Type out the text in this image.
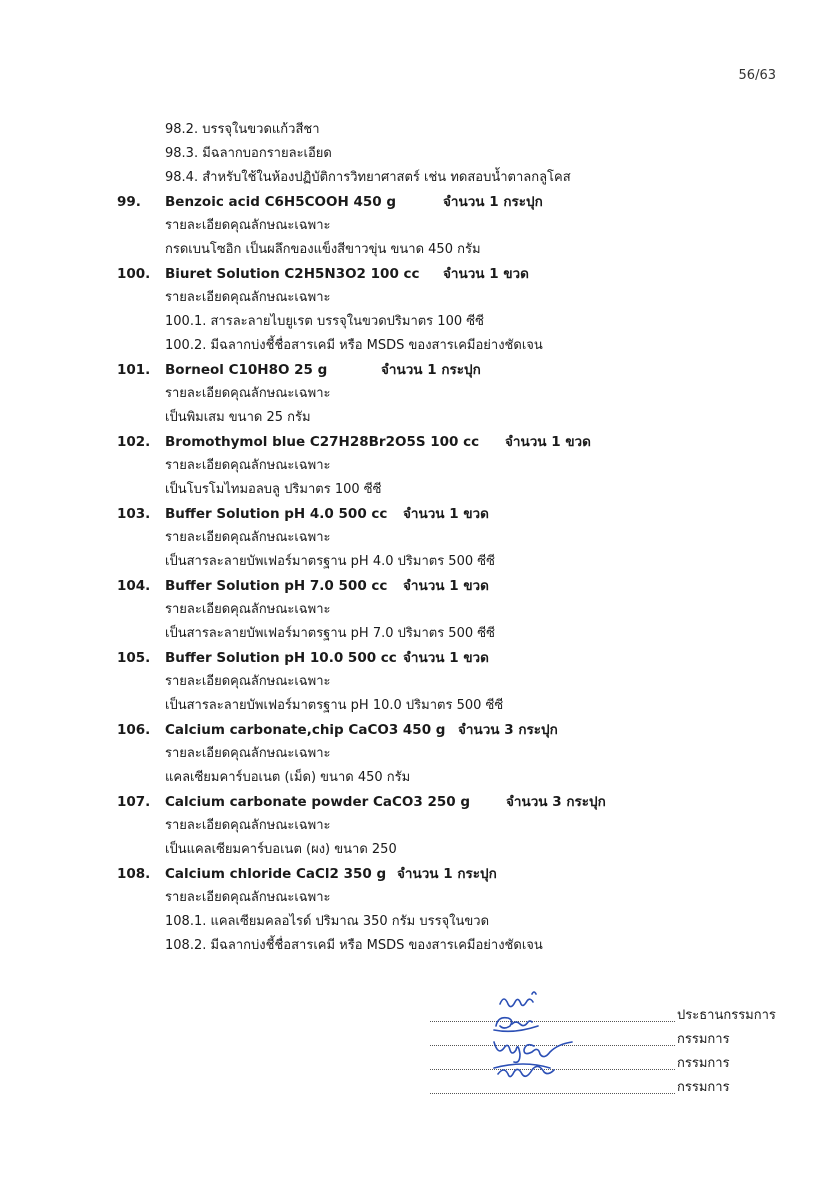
56/63
98.2. บรรจุในขวดแก้วสีชา
98.3. มีฉลากบอกรายละเอียด
98.4. สำหรับใช้ในห้องปฏิบัติการวิทยาศาสตร์ เช่น ทดสอบน้ำตาลกลูโคส
99. Benzoic acid C6H5COOH 450 g	จำนวน 1 กระปุก
รายละเอียดคุณลักษณะเฉพาะ
กรดเบนโซอิก เป็นผลึกของแข็งสีขาวขุ่น ขนาด 450 กรัม
100. Biuret Solution C2H5N3O2 100 cc จำนวน 1 ขวด
รายละเอียดคุณลักษณะเฉพาะ
100.1. สารละลายไบยูเรต บรรจุในขวดปริมาตร 100 ซีซี
100.2. มีฉลากบ่งชี้ชื่อสารเคมี หรือ MSDS ของสารเคมีอย่างชัดเจน
101. Borneol C10H8O 25 g	จำนวน 1 กระปุก
รายละเอียดคุณลักษณะเฉพาะ
เป็นพิมเสม ขนาด 25 กรัม
102. Bromothymol blue C27H28Br2O5S 100 cc จำนวน 1 ขวด
รายละเอียดคุณลักษณะเฉพาะ
เป็นโบรโมไทมอลบลู ปริมาตร 100 ซีซี
103. Buffer Solution pH 4.0 500 cc จำนวน 1 ขวด
รายละเอียดคุณลักษณะเฉพาะ
เป็นสารละลายบัพเฟอร์มาตรฐาน pH 4.0 ปริมาตร 500 ซีซี
104. Buffer Solution pH 7.0 500 cc จำนวน 1 ขวด
รายละเอียดคุณลักษณะเฉพาะ
เป็นสารละลายบัพเฟอร์มาตรฐาน pH 7.0 ปริมาตร 500 ซีซี
105. Buffer Solution pH 10.0 500 cc จำนวน 1 ขวด
รายละเอียดคุณลักษณะเฉพาะ
เป็นสารละลายบัพเฟอร์มาตรฐาน pH 10.0 ปริมาตร 500 ซีซี
106. Calcium carbonate,chip CaCO3 450 g จำนวน 3 กระปุก
รายละเอียดคุณลักษณะเฉพาะ
แคลเซียมคาร์บอเนต (เม็ด) ขนาด 450 กรัม
107. Calcium carbonate powder CaCO3 250 g	จำนวน 3 กระปุก
รายละเอียดคุณลักษณะเฉพาะ
เป็นแคลเซียมคาร์บอเนต (ผง) ขนาด 250
108. Calcium chloride CaCl2 350 g จำนวน 1 กระปุก
รายละเอียดคุณลักษณะเฉพาะ
108.1. แคลเซียมคลอไรด์ ปริมาณ 350 กรัม บรรจุในขวด
108.2. มีฉลากบ่งชี้ชื่อสารเคมี หรือ MSDS ของสารเคมีอย่างชัดเจน
ประธานกรรมการ
กรรมการ
กรรมการ
กรรมการ
